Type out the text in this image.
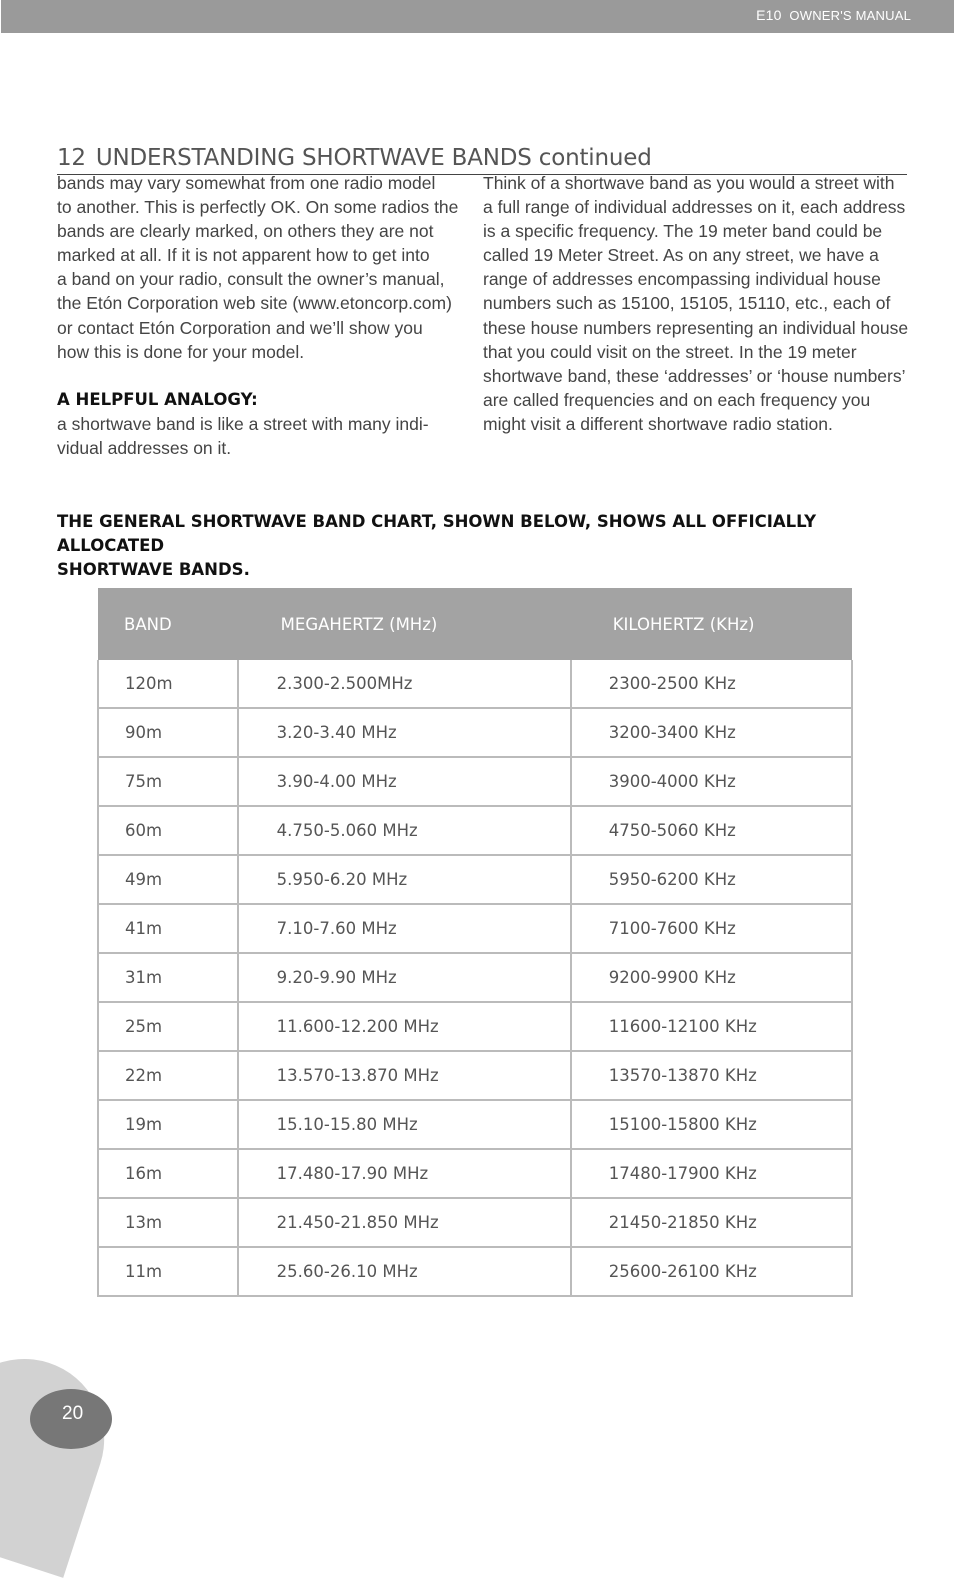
E10 OWNER'S MANUAL
12 UNDERSTANDING SHORTWAVE BANDS continued

bands may vary somewhat from one radio model
to another. This is perfectly OK. On some radios the
bands are clearly marked, on others they are not
marked at all. If it is not apparent how to get into
a band on your radio, consult the owner’s manual,
the Etón Corporation web site (www.etoncorp.com)
or contact Etón Corporation and we’ll show you
how this is done for your model.

A HELPFUL ANALOGY:

a shortwave band is like a street with many indi-
vidual addresses on it.

Think of a shortwave band as you would a street with
a full range of individual addresses on it, each address
is a specific frequency. The 19 meter band could be
called 19 Meter Street. As on any street, we have a
range of addresses encompassing individual house
numbers such as 15100, 15105, 15110, etc., each of
these house numbers representing an individual house
that you could visit on the street. In the 19 meter
shortwave band, these ‘addresses’ or ‘house numbers’
are called frequencies and on each frequency you
might visit a different shortwave radio station.

THE GENERAL SHORTWAVE BAND CHART, SHOWN BELOW, SHOWS ALL OFFICIALLY ALLOCATED
SHORTWAVE BANDS.

BAND	MEGAHERTZ (MHz)	KILOHERTZ (KHz)
120m	2.300-2.500MHz	2300-2500 KHz
90m	3.20-3.40 MHz	3200-3400 KHz
75m	3.90-4.00 MHz	3900-4000 KHz
60m	4.750-5.060 MHz	4750-5060 KHz
49m	5.950-6.20 MHz	5950-6200 KHz
41m	7.10-7.60 MHz	7100-7600 KHz
31m	9.20-9.90 MHz	9200-9900 KHz
25m	11.600-12.200 MHz	11600-12100 KHz
22m	13.570-13.870 MHz	13570-13870 KHz
19m	15.10-15.80 MHz	15100-15800 KHz
16m	17.480-17.90 MHz	17480-17900 KHz
13m	21.450-21.850 MHz	21450-21850 KHz
11m	25.60-26.10 MHz	25600-26100 KHz
20
